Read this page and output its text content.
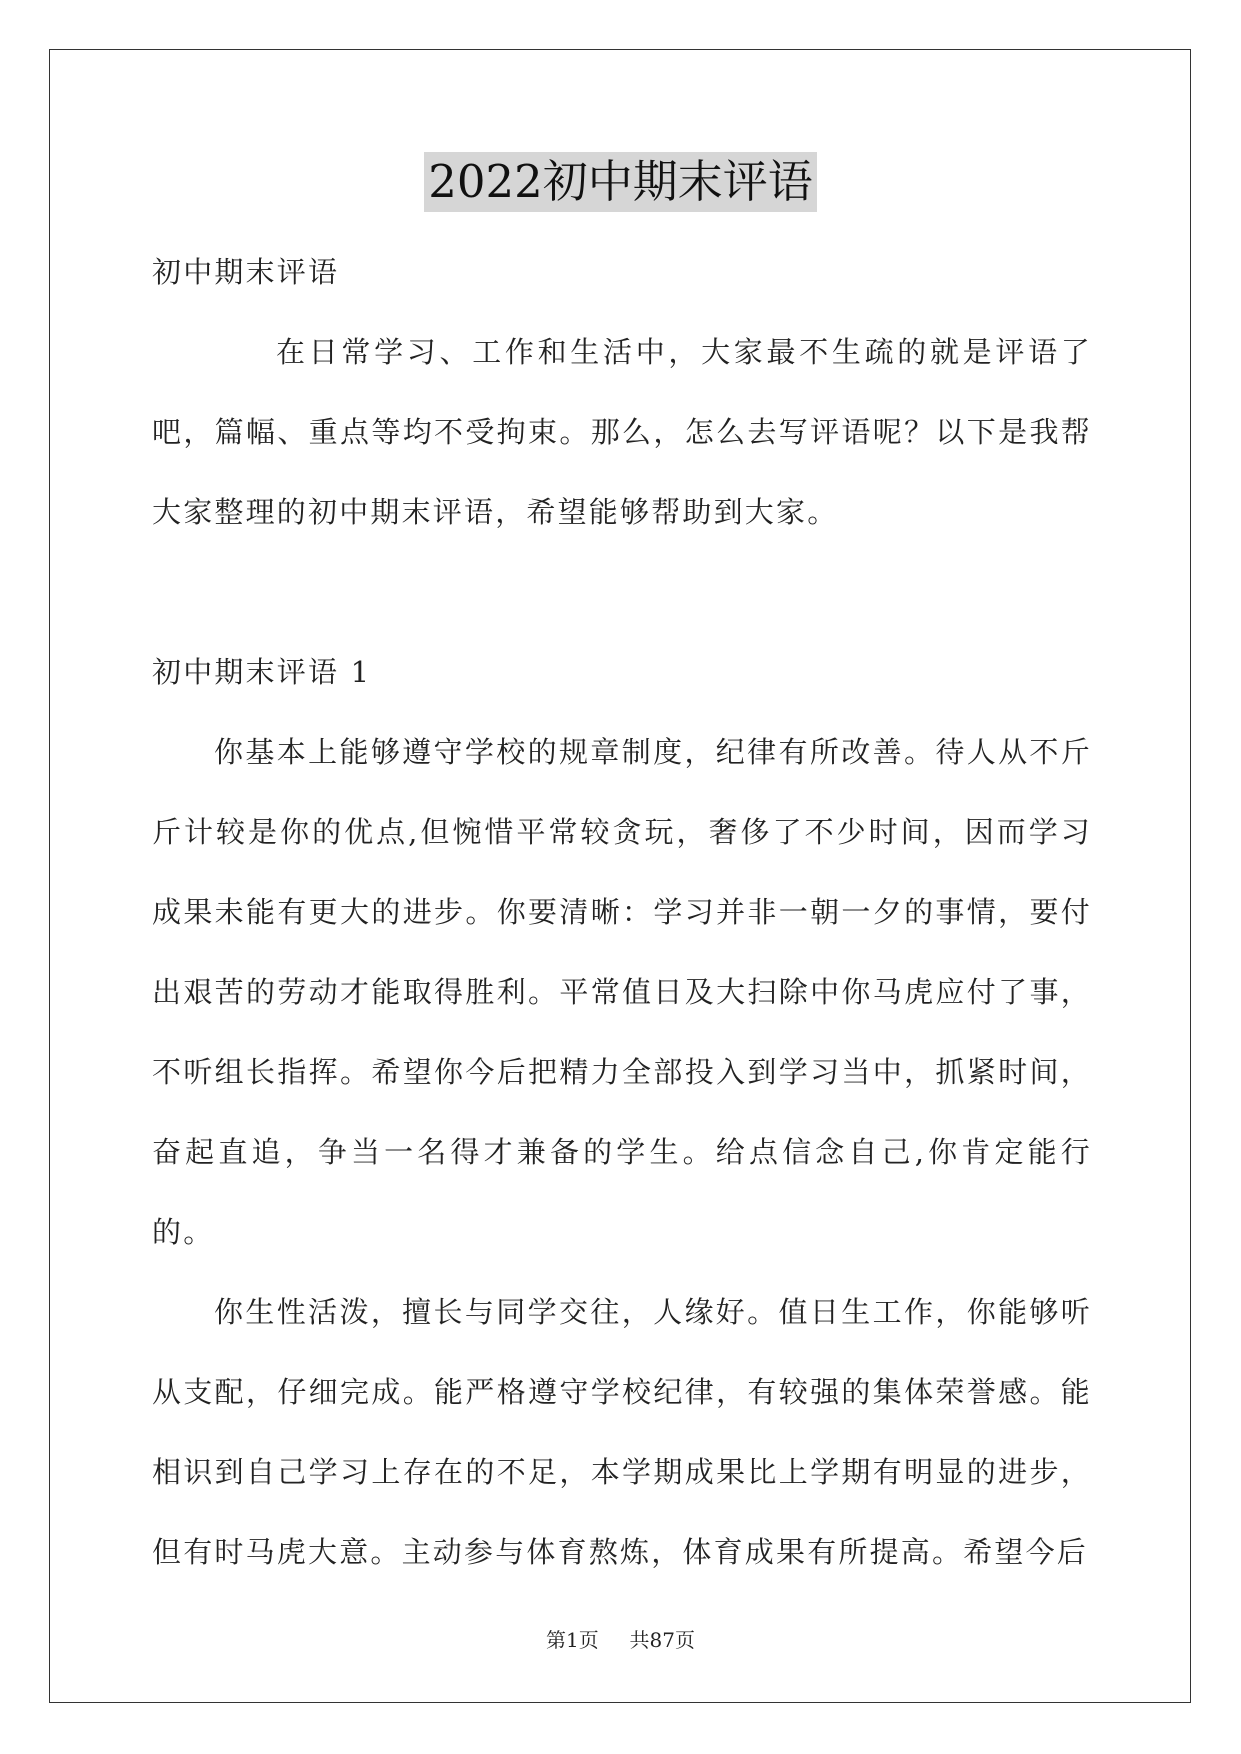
2022初中期末评语

初中期末评语

在日常学习、工作和生活中，大家最不生疏的就是评语了吧，篇幅、重点等均不受拘束。那么，怎么去写评语呢？以下是我帮大家整理的初中期末评语，希望能够帮助到大家。

初中期末评语 1

你基本上能够遵守学校的规章制度，纪律有所改善。待人从不斤斤计较是你的优点,但惋惜平常较贪玩，奢侈了不少时间，因而学习成果未能有更大的进步。你要清晰：学习并非一朝一夕的事情，要付出艰苦的劳动才能取得胜利。平常值日及大扫除中你马虎应付了事，不听组长指挥。希望你今后把精力全部投入到学习当中，抓紧时间，奋起直追，争当一名得才兼备的学生。给点信念自己,你肯定能行的。

你生性活泼，擅长与同学交往，人缘好。值日生工作，你能够听从支配，仔细完成。能严格遵守学校纪律，有较强的集体荣誉感。能相识到自己学习上存在的不足，本学期成果比上学期有明显的进步，但有时马虎大意。主动参与体育熬炼，体育成果有所提高。希望今后

第1页 共87页
